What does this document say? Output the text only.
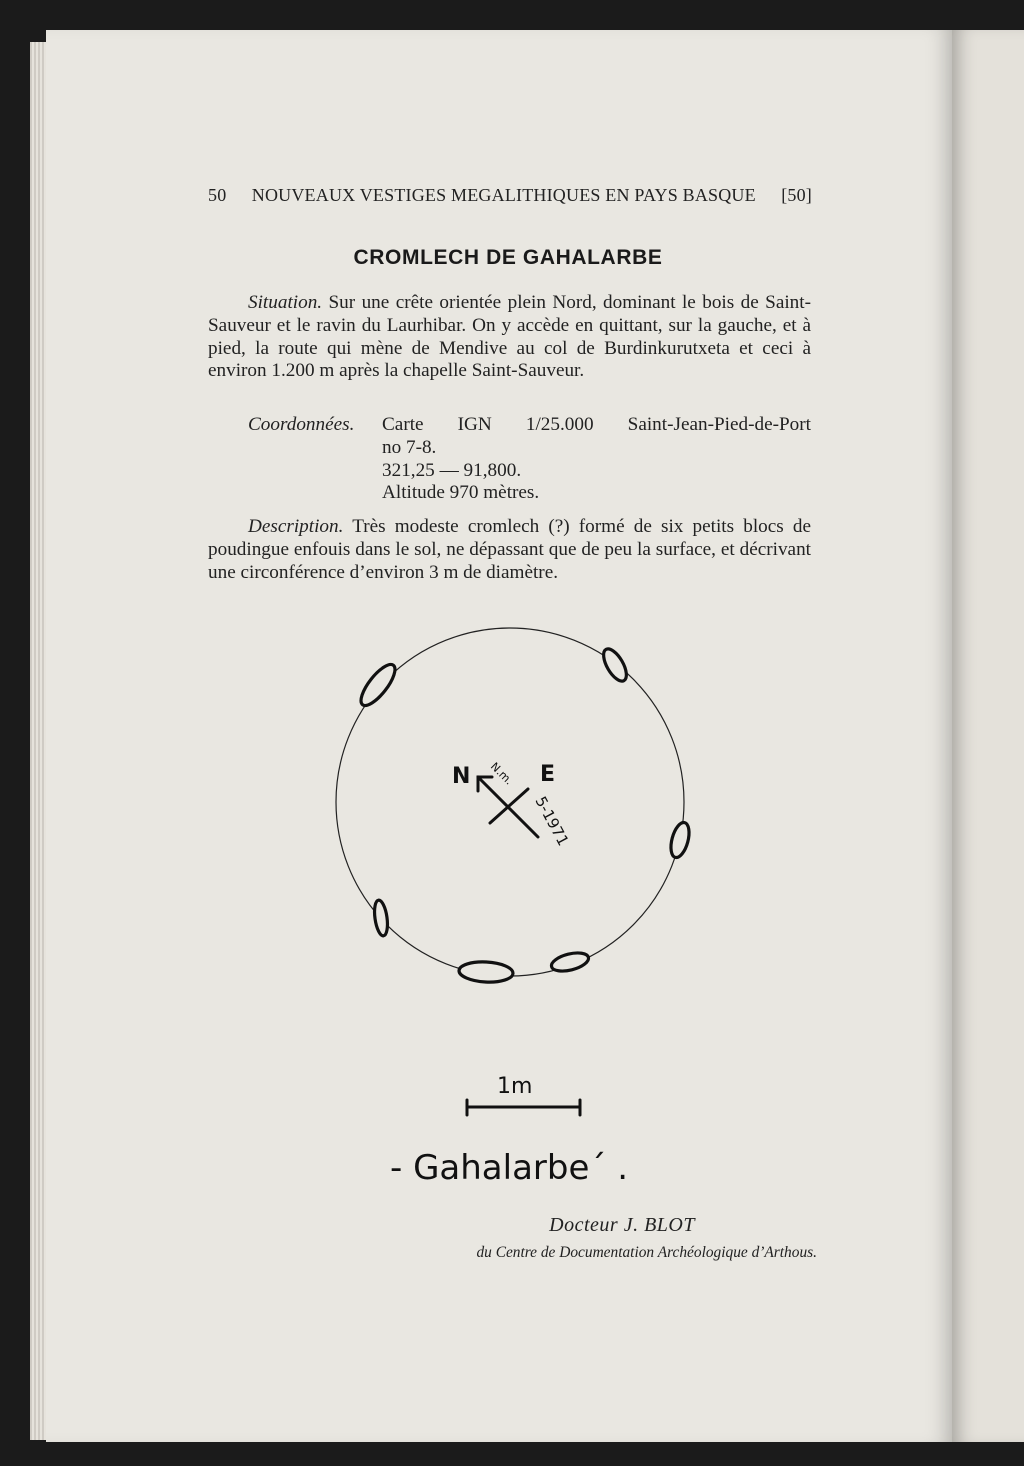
50 NOUVEAUX VESTIGES MEGALITHIQUES EN PAYS BASQUE [50]
CROMLECH DE GAHALARBE
Situation. Sur une crête orientée plein Nord, dominant le bois de Saint-Sauveur et le ravin du Laurhibar. On y accède en quittant, sur la gauche, et à pied, la route qui mène de Mendive au col de Burdinkurutxeta et ceci à environ 1.200 m après la chapelle Saint-Sauveur.
Coordonnées.	Carte IGN 1/25.000 Saint-Jean-Pied-de-Port
no 7-8.
321,25 — 91,800.
Altitude 970 mètres.
Description. Très modeste cromlech (?) formé de six petits blocs de poudingue enfouis dans le sol, ne dépassant que de peu la surface, et décrivant une circonférence d’environ 3 m de diamètre.
N	E
N.m.
5-1971
1m
- Gahalarbe´ .
Docteur J. BLOT
du Centre de Documentation Archéologique d’Arthous.
